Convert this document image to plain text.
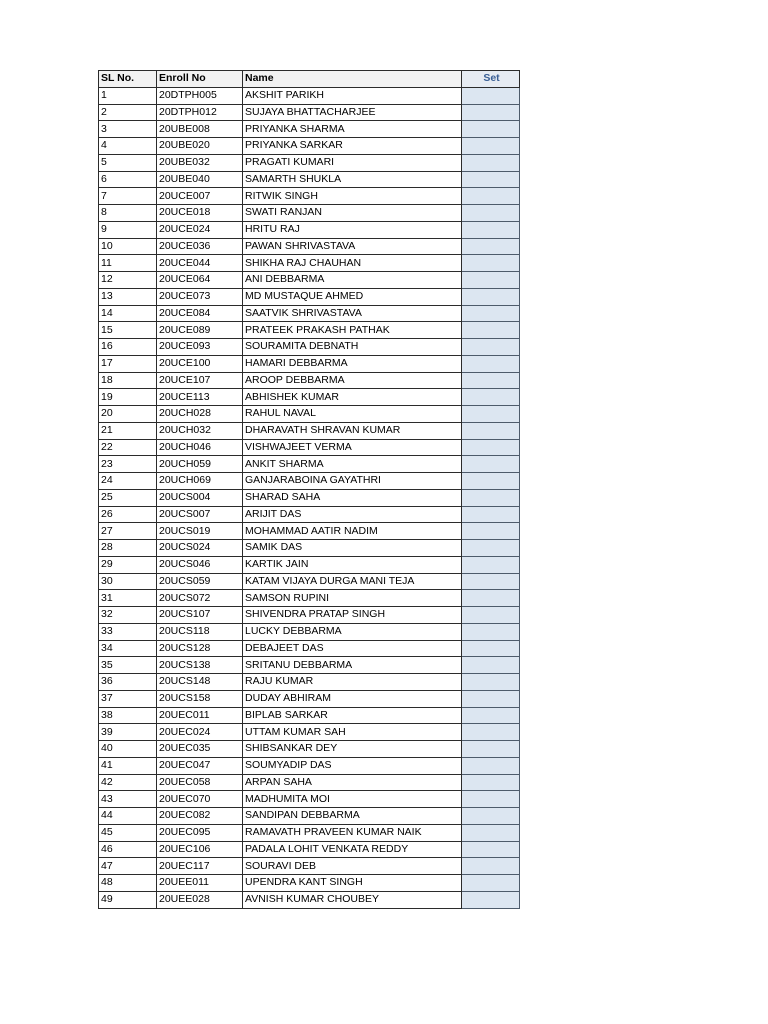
SL No.	Enroll No	Name	Set
1	20DTPH005	AKSHIT PARIKH	
2	20DTPH012	SUJAYA BHATTACHARJEE	
3	20UBE008	PRIYANKA SHARMA	
4	20UBE020	PRIYANKA SARKAR	
5	20UBE032	PRAGATI KUMARI	
6	20UBE040	SAMARTH SHUKLA	
7	20UCE007	RITWIK SINGH	
8	20UCE018	SWATI RANJAN	
9	20UCE024	HRITU RAJ	
10	20UCE036	PAWAN SHRIVASTAVA	
11	20UCE044	SHIKHA RAJ CHAUHAN	
12	20UCE064	ANI DEBBARMA	
13	20UCE073	MD MUSTAQUE AHMED	
14	20UCE084	SAATVIK SHRIVASTAVA	
15	20UCE089	PRATEEK PRAKASH PATHAK	
16	20UCE093	SOURAMITA DEBNATH	
17	20UCE100	HAMARI DEBBARMA	
18	20UCE107	AROOP DEBBARMA	
19	20UCE113	ABHISHEK KUMAR	
20	20UCH028	RAHUL NAVAL	
21	20UCH032	DHARAVATH SHRAVAN KUMAR	
22	20UCH046	VISHWAJEET VERMA	
23	20UCH059	ANKIT SHARMA	
24	20UCH069	GANJARABOINA GAYATHRI	
25	20UCS004	SHARAD SAHA	
26	20UCS007	ARIJIT DAS	
27	20UCS019	MOHAMMAD AATIR NADIM	
28	20UCS024	SAMIK DAS	
29	20UCS046	KARTIK JAIN	
30	20UCS059	KATAM VIJAYA DURGA MANI TEJA	
31	20UCS072	SAMSON RUPINI	
32	20UCS107	SHIVENDRA PRATAP SINGH	
33	20UCS118	LUCKY DEBBARMA	
34	20UCS128	DEBAJEET DAS	
35	20UCS138	SRITANU DEBBARMA	
36	20UCS148	RAJU KUMAR	
37	20UCS158	DUDAY ABHIRAM	
38	20UEC011	BIPLAB SARKAR	
39	20UEC024	UTTAM KUMAR SAH	
40	20UEC035	SHIBSANKAR DEY	
41	20UEC047	SOUMYADIP DAS	
42	20UEC058	ARPAN SAHA	
43	20UEC070	MADHUMITA MOI	
44	20UEC082	SANDIPAN DEBBARMA	
45	20UEC095	RAMAVATH PRAVEEN KUMAR NAIK	
46	20UEC106	PADALA LOHIT VENKATA REDDY	
47	20UEC117	SOURAVI DEB	
48	20UEE011	UPENDRA KANT SINGH	
49	20UEE028	AVNISH KUMAR CHOUBEY	
